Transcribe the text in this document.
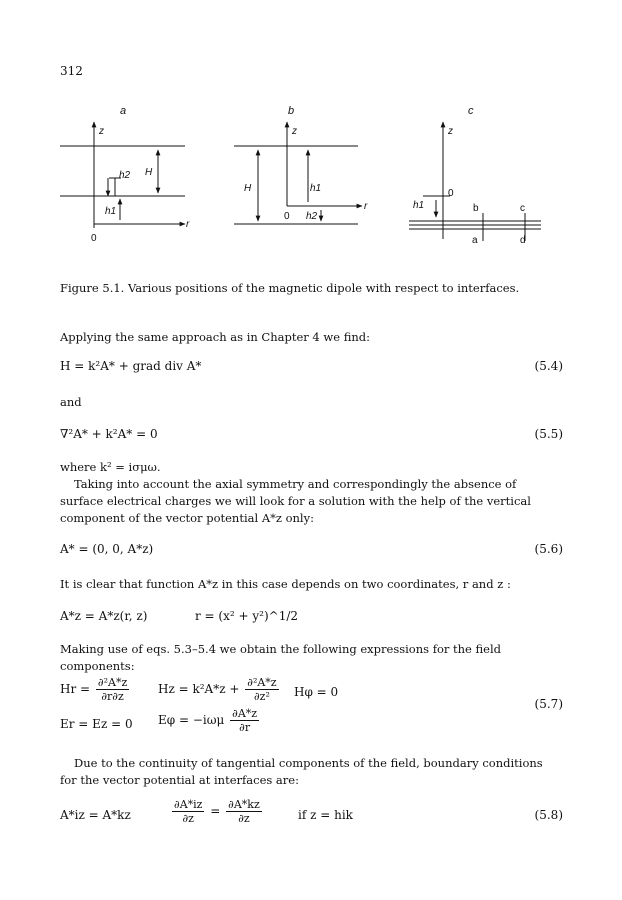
312
a
z
h2 H
h1
0
r
b
z
H	h1
0 h2
r
c
z
0
h1	b	c
a	d
Figure 5.1. Various positions of the magnetic dipole with respect to interfaces.
Applying the same approach as in Chapter 4 we find:
H = k²A* + grad div A*	(5.4)
and
∇²A* + k²A* = 0	(5.5)
where k² = iσμω.
Taking into account the axial symmetry and correspondingly the absence of surface electrical charges we will look for a solution with the help of the vertical component of the vector potential A*z only:
A* = (0, 0, A*z)	(5.6)
It is clear that function A*z in this case depends on two coordinates, r and z :
A*z = A*z(r, z)	r = (x² + y²)^1/2
Making use of eqs. 5.3–5.4 we obtain the following expressions for the field components:
$Hr = \frac{\text{∂²A*z}}{\partial r\partial z}$ $Hz = k^2A*z + \frac{\text{∂²A*z}}{\text{∂z²}}$ Hφ = 0
(5.7)
Er = Ez = 0 $E\varphi = -i\omega\mu \frac{\partial A*z}{\partial r}$
Due to the continuity of tangential components of the field, boundary conditions for the vector potential at interfaces are:
A*iz = A*kz	$\frac{\partial A*iz}{\partial z} = \frac{\partial A*kz}{\partial z}$	if z = hik	(5.8)
